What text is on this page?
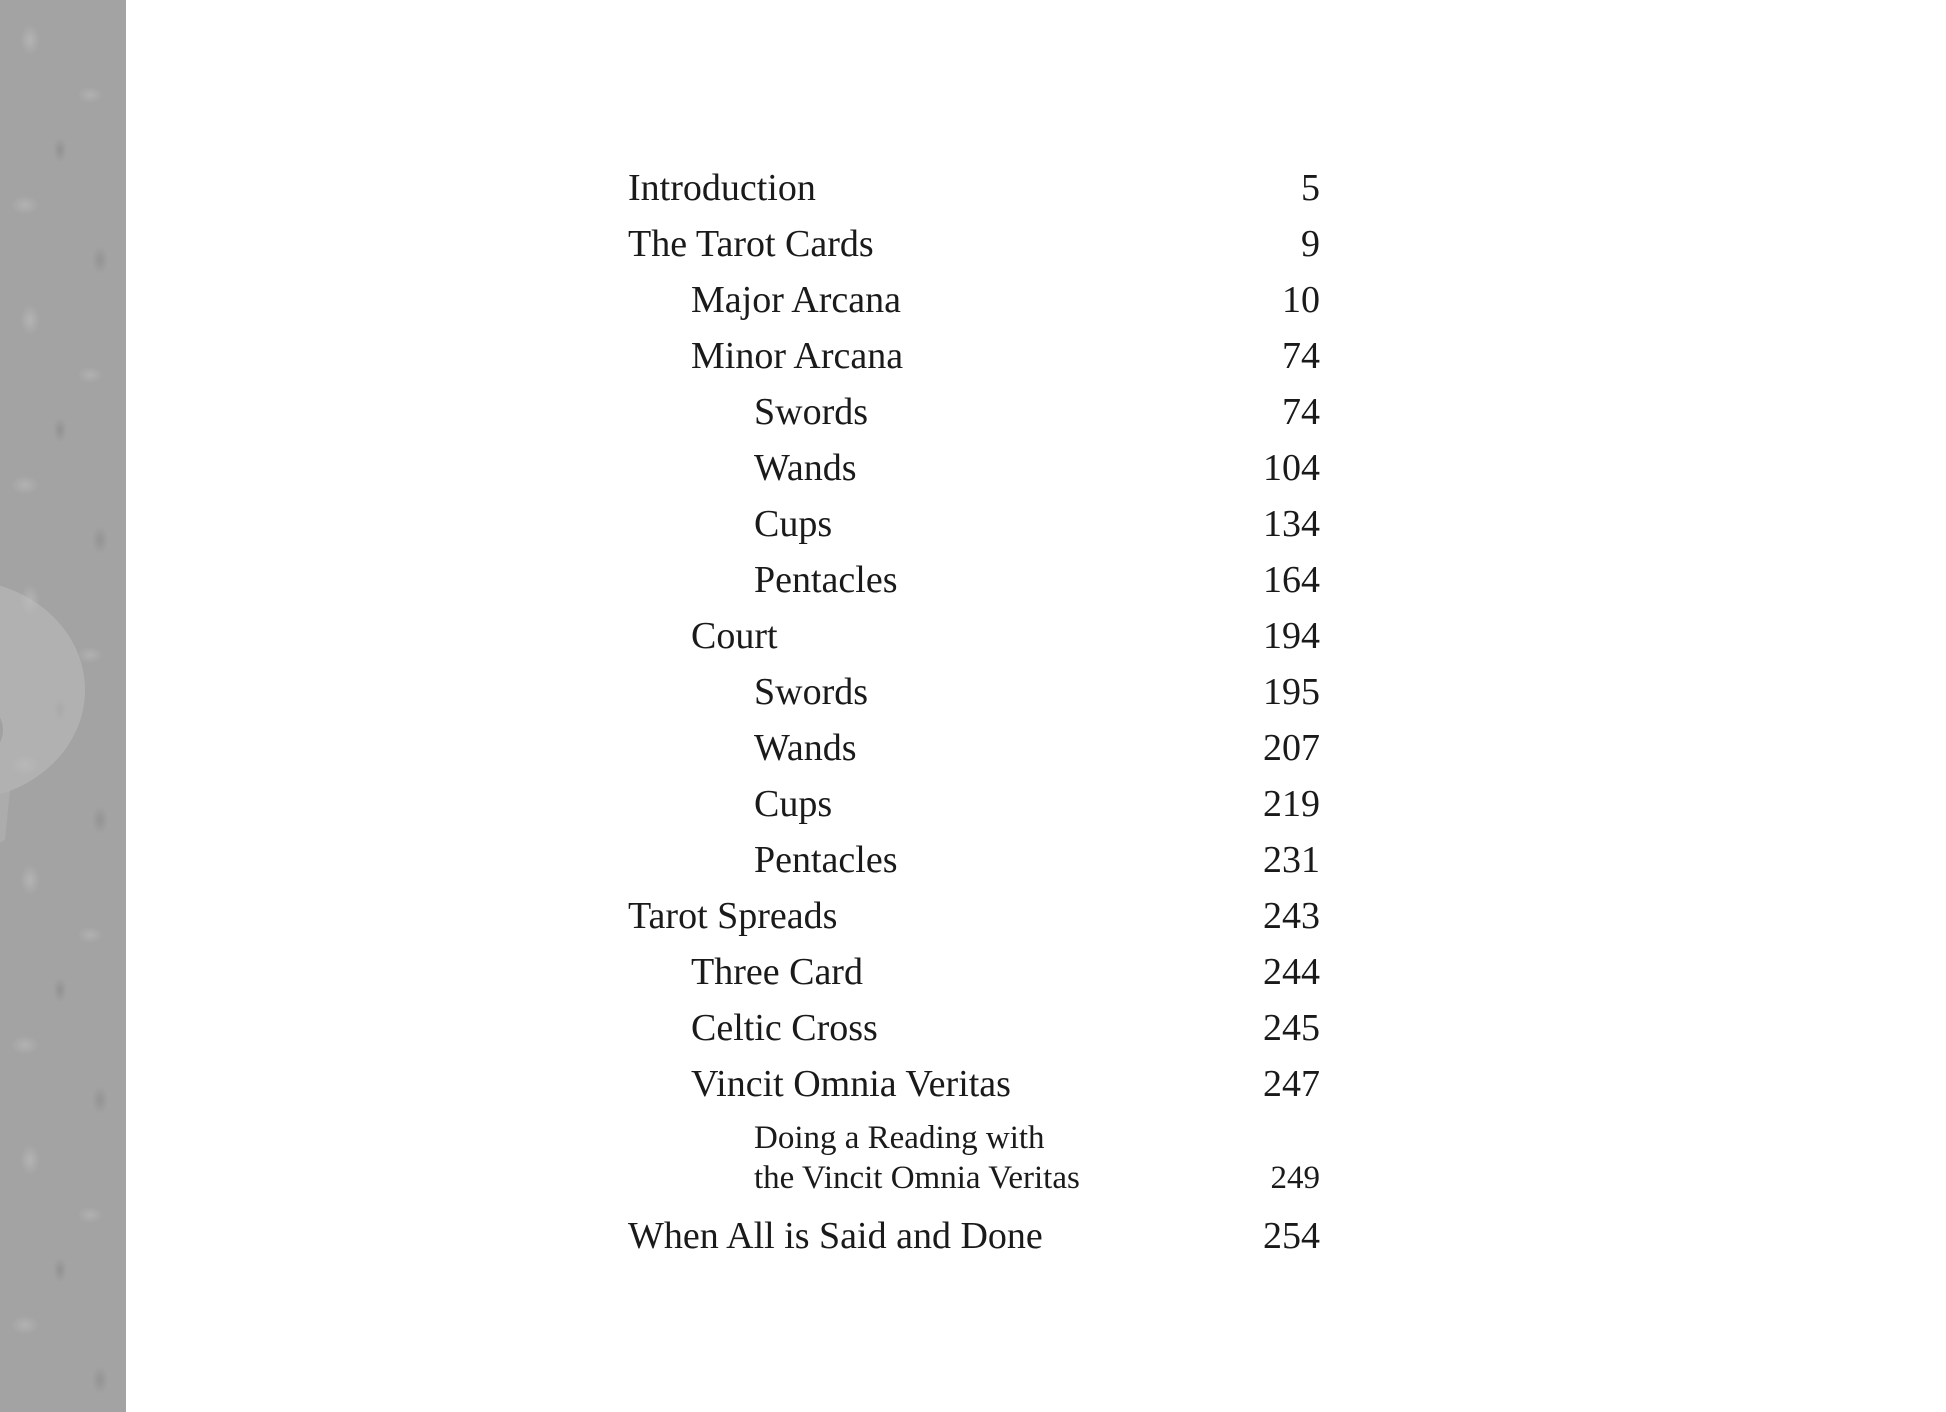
Introduction	5
The Tarot Cards	9
Major Arcana	10
Minor Arcana	74
Swords	74
Wands	104
Cups	134
Pentacles	164
Court	194
Swords	195
Wands	207
Cups	219
Pentacles	231
Tarot Spreads	243
Three Card	244
Celtic Cross	245
Vincit Omnia Veritas	247
Doing a Reading with
the Vincit Omnia Veritas	249
When All is Said and Done	254
